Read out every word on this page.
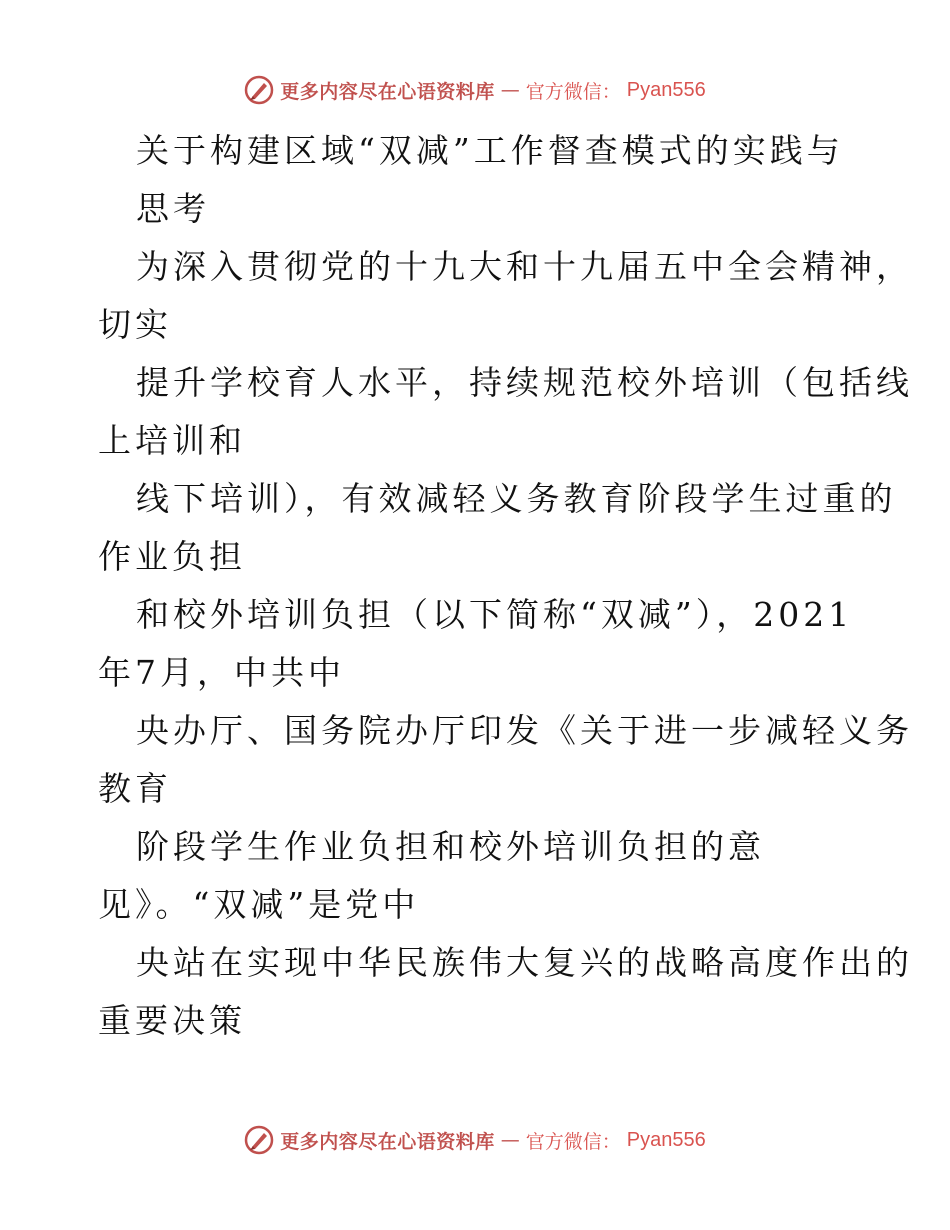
更多内容尽在心语资料库 — 官方微信： Pyan556
关于构建区域“双减”工作督查模式的实践与
思考
为深入贯彻党的十九大和十九届五中全会精神，
切实
提升学校育人水平，持续规范校外培训（包括线
上培训和
线下培训），有效减轻义务教育阶段学生过重的
作业负担
和校外培训负担（以下简称“双减”），2021
年7月，中共中
央办厅、国务院办厅印发《关于进一步减轻义务
教育
阶段学生作业负担和校外培训负担的意
见》。“双减”是党中
央站在实现中华民族伟大复兴的战略高度作出的
重要决策
更多内容尽在心语资料库 — 官方微信： Pyan556
